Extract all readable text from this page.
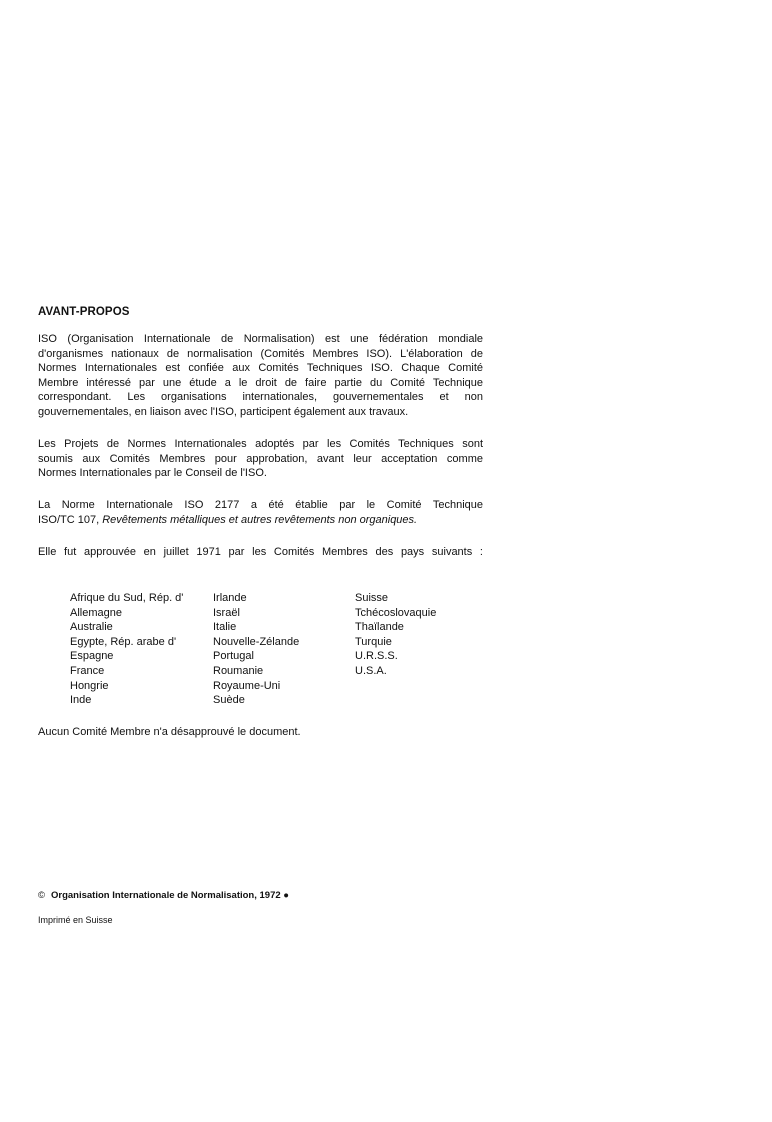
AVANT-PROPOS
ISO (Organisation Internationale de Normalisation) est une fédération mondiale
d'organismes nationaux de normalisation (Comités Membres ISO). L'élaboration de
Normes Internationales est confiée aux Comités Techniques ISO. Chaque Comité
Membre intéressé par une étude a le droit de faire partie du Comité Technique
correspondant. Les organisations internationales, gouvernementales et non
gouvernementales, en liaison avec l'ISO, participent également aux travaux.
Les Projets de Normes Internationales adoptés par les Comités Techniques sont
soumis aux Comités Membres pour approbation, avant leur acceptation comme
Normes Internationales par le Conseil de l'ISO.
La Norme Internationale ISO 2177 a été établie par le Comité Technique
ISO/TC 107, Revêtements métalliques et autres revêtements non organiques.
Elle fut approuvée en juillet 1971 par les Comités Membres des pays suivants :
Afrique du Sud, Rép. d'
Allemagne
Australie
Egypte, Rép. arabe d'
Espagne
France
Hongrie
Inde
Irlande
Israël
Italie
Nouvelle-Zélande
Portugal
Roumanie
Royaume-Uni
Suède
Suisse
Tchécoslovaquie
Thaïlande
Turquie
U.R.S.S.
U.S.A.
Aucun Comité Membre n'a désapprouvé le document.
© Organisation Internationale de Normalisation, 1972 ●
Imprimé en Suisse
